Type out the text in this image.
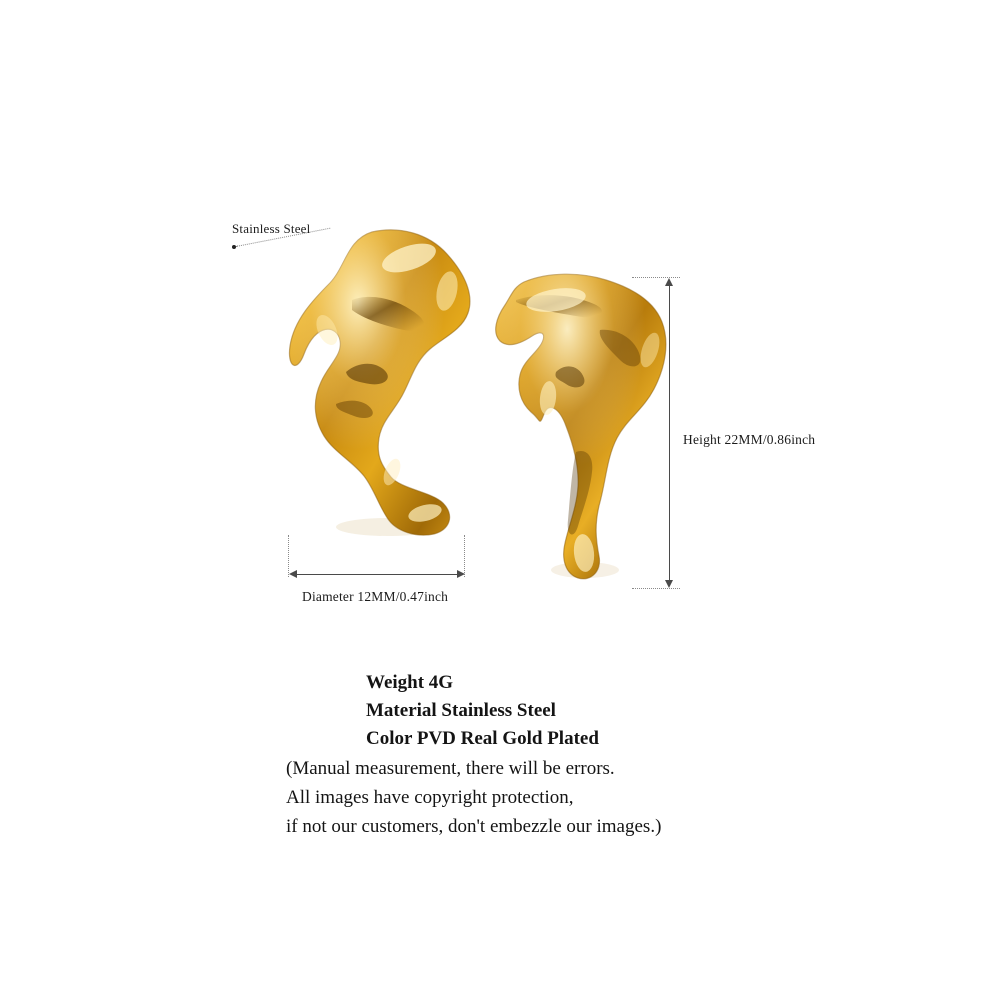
Stainless Steel
Height 22MM/0.86inch
Diameter 12MM/0.47inch
Weight 4G
Material Stainless Steel
Color PVD Real Gold Plated
(Manual measurement, there will be errors.
All images have copyright protection,
if not our customers, don't embezzle our images.)
